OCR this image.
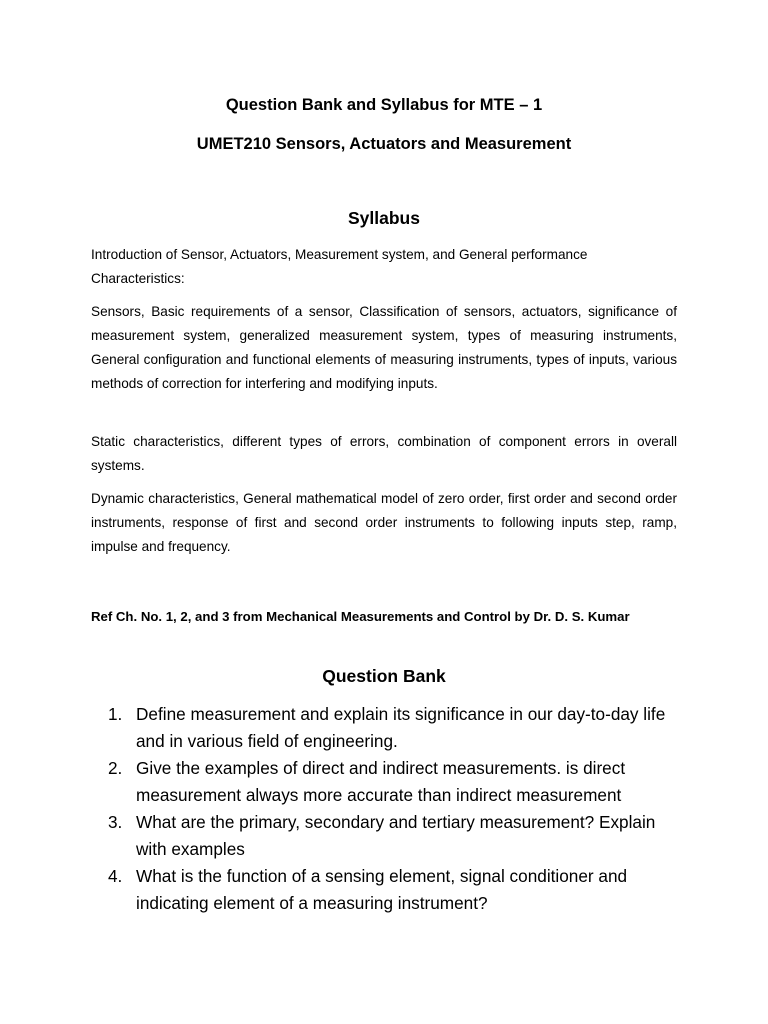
Question Bank and Syllabus for MTE – 1
UMET210 Sensors, Actuators and Measurement
Syllabus

Introduction of Sensor, Actuators, Measurement system, and General performance Characteristics:

Sensors, Basic requirements of a sensor, Classification of sensors, actuators, significance of measurement system, generalized measurement system, types of measuring instruments, General configuration and functional elements of measuring instruments, types of inputs, various methods of correction for interfering and modifying inputs.

Static characteristics, different types of errors, combination of component errors in overall systems.

Dynamic characteristics, General mathematical model of zero order, first order and second order instruments, response of first and second order instruments to following inputs step, ramp, impulse and frequency.

Ref Ch. No. 1, 2, and 3 from Mechanical Measurements and Control by Dr. D. S. Kumar

Question Bank
1. Define measurement and explain its significance in our day-to-day life and in various field of engineering.
2. Give the examples of direct and indirect measurements. is direct measurement always more accurate than indirect measurement
3. What are the primary, secondary and tertiary measurement? Explain with examples
4. What is the function of a sensing element, signal conditioner and indicating element of a measuring instrument?
